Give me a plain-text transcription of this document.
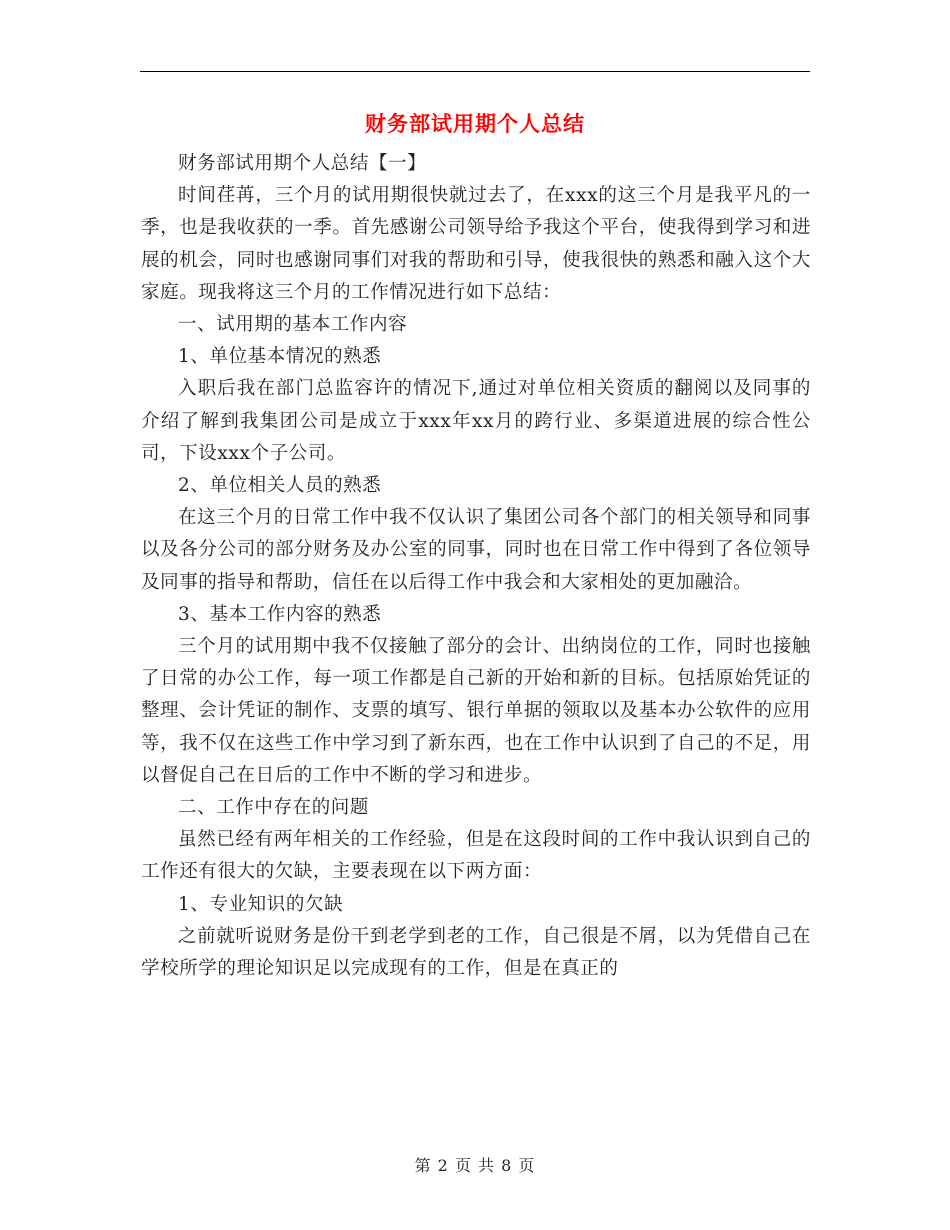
财务部试用期个人总结

财务部试用期个人总结【一】

时间荏苒，三个月的试用期很快就过去了，在xxx的这三个月是我平凡的一季，也是我收获的一季。首先感谢公司领导给予我这个平台，使我得到学习和进展的机会，同时也感谢同事们对我的帮助和引导，使我很快的熟悉和融入这个大家庭。现我将这三个月的工作情况进行如下总结：

一、试用期的基本工作内容

1、单位基本情况的熟悉

入职后我在部门总监容许的情况下,通过对单位相关资质的翻阅以及同事的介绍了解到我集团公司是成立于xxx年xx月的跨行业、多渠道进展的综合性公司，下设xxx个子公司。

2、单位相关人员的熟悉

在这三个月的日常工作中我不仅认识了集团公司各个部门的相关领导和同事以及各分公司的部分财务及办公室的同事，同时也在日常工作中得到了各位领导及同事的指导和帮助，信任在以后得工作中我会和大家相处的更加融洽。

3、基本工作内容的熟悉

三个月的试用期中我不仅接触了部分的会计、出纳岗位的工作，同时也接触了日常的办公工作，每一项工作都是自己新的开始和新的目标。包括原始凭证的整理、会计凭证的制作、支票的填写、银行单据的领取以及基本办公软件的应用等，我不仅在这些工作中学习到了新东西，也在工作中认识到了自己的不足，用以督促自己在日后的工作中不断的学习和进步。

二、工作中存在的问题

虽然已经有两年相关的工作经验，但是在这段时间的工作中我认识到自己的工作还有很大的欠缺，主要表现在以下两方面：

1、专业知识的欠缺

之前就听说财务是份干到老学到老的工作，自己很是不屑，以为凭借自己在学校所学的理论知识足以完成现有的工作，但是在真正的

第 2 页 共 8 页
